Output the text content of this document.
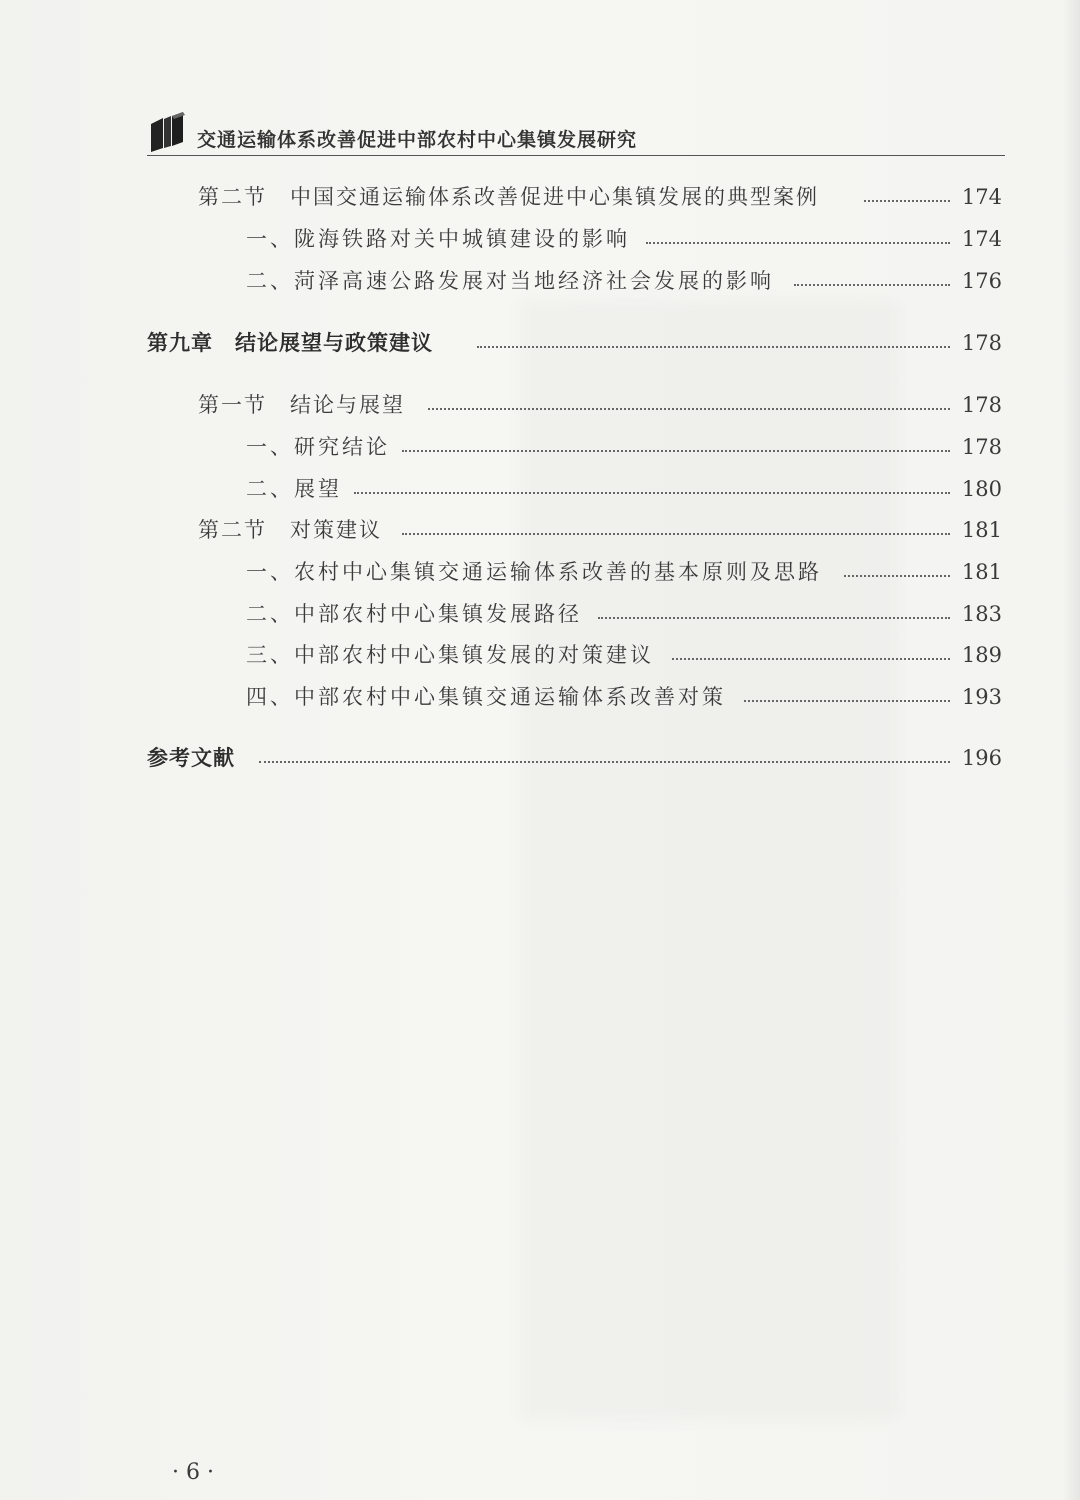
交通运输体系改善促进中部农村中心集镇发展研究
第二节　中国交通运输体系改善促进中心集镇发展的典型案例	174
一、陇海铁路对关中城镇建设的影响	174
二、菏泽高速公路发展对当地经济社会发展的影响	176
第九章　结论展望与政策建议	178
第一节　结论与展望	178
一、研究结论	178
二、展望	180
第二节　对策建议	181
一、农村中心集镇交通运输体系改善的基本原则及思路	181
二、中部农村中心集镇发展路径	183
三、中部农村中心集镇发展的对策建议	189
四、中部农村中心集镇交通运输体系改善对策	193
参考文献	196
· 6 ·
